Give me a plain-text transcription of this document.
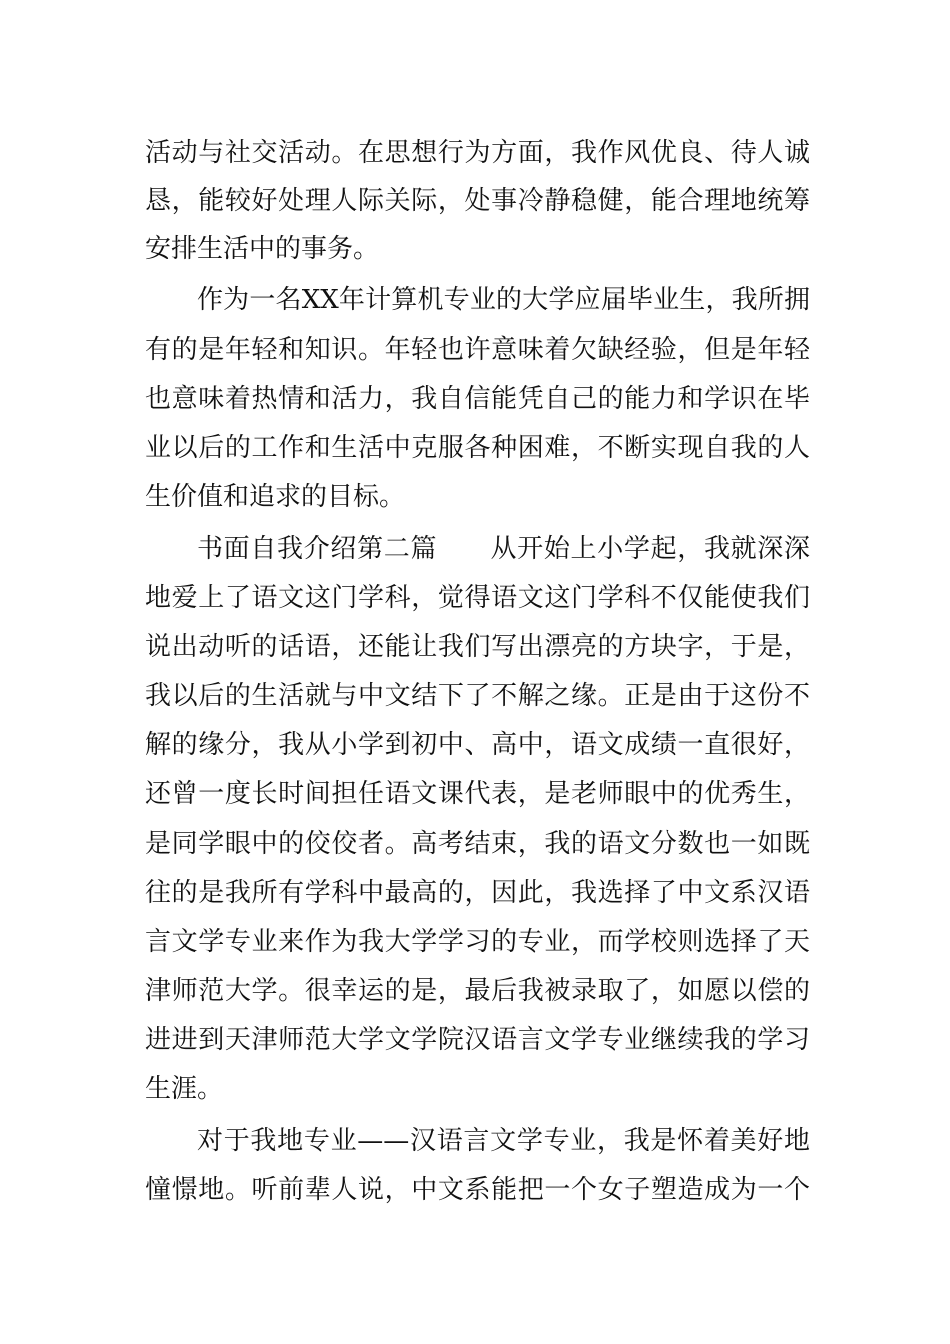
活动与社交活动。在思想行为方面，我作风优良、待人诚
恳，能较好处理人际关际，处事冷静稳健，能合理地统筹
安排生活中的事务。
作为一名XX年计算机专业的大学应届毕业生，我所拥
有的是年轻和知识。年轻也许意味着欠缺经验，但是年轻
也意味着热情和活力，我自信能凭自己的能力和学识在毕
业以后的工作和生活中克服各种困难，不断实现自我的人
生价值和追求的目标。
书面自我介绍第二篇　　从开始上小学起，我就深深
地爱上了语文这门学科，觉得语文这门学科不仅能使我们
说出动听的话语，还能让我们写出漂亮的方块字，于是，
我以后的生活就与中文结下了不解之缘。正是由于这份不
解的缘分，我从小学到初中、高中，语文成绩一直很好，
还曾一度长时间担任语文课代表，是老师眼中的优秀生，
是同学眼中的佼佼者。高考结束，我的语文分数也一如既
往的是我所有学科中最高的，因此，我选择了中文系汉语
言文学专业来作为我大学学习的专业，而学校则选择了天
津师范大学。很幸运的是，最后我被录取了，如愿以偿的
进进到天津师范大学文学院汉语言文学专业继续我的学习
生涯。
对于我地专业——汉语言文学专业，我是怀着美好地
憧憬地。听前辈人说，中文系能把一个女子塑造成为一个
